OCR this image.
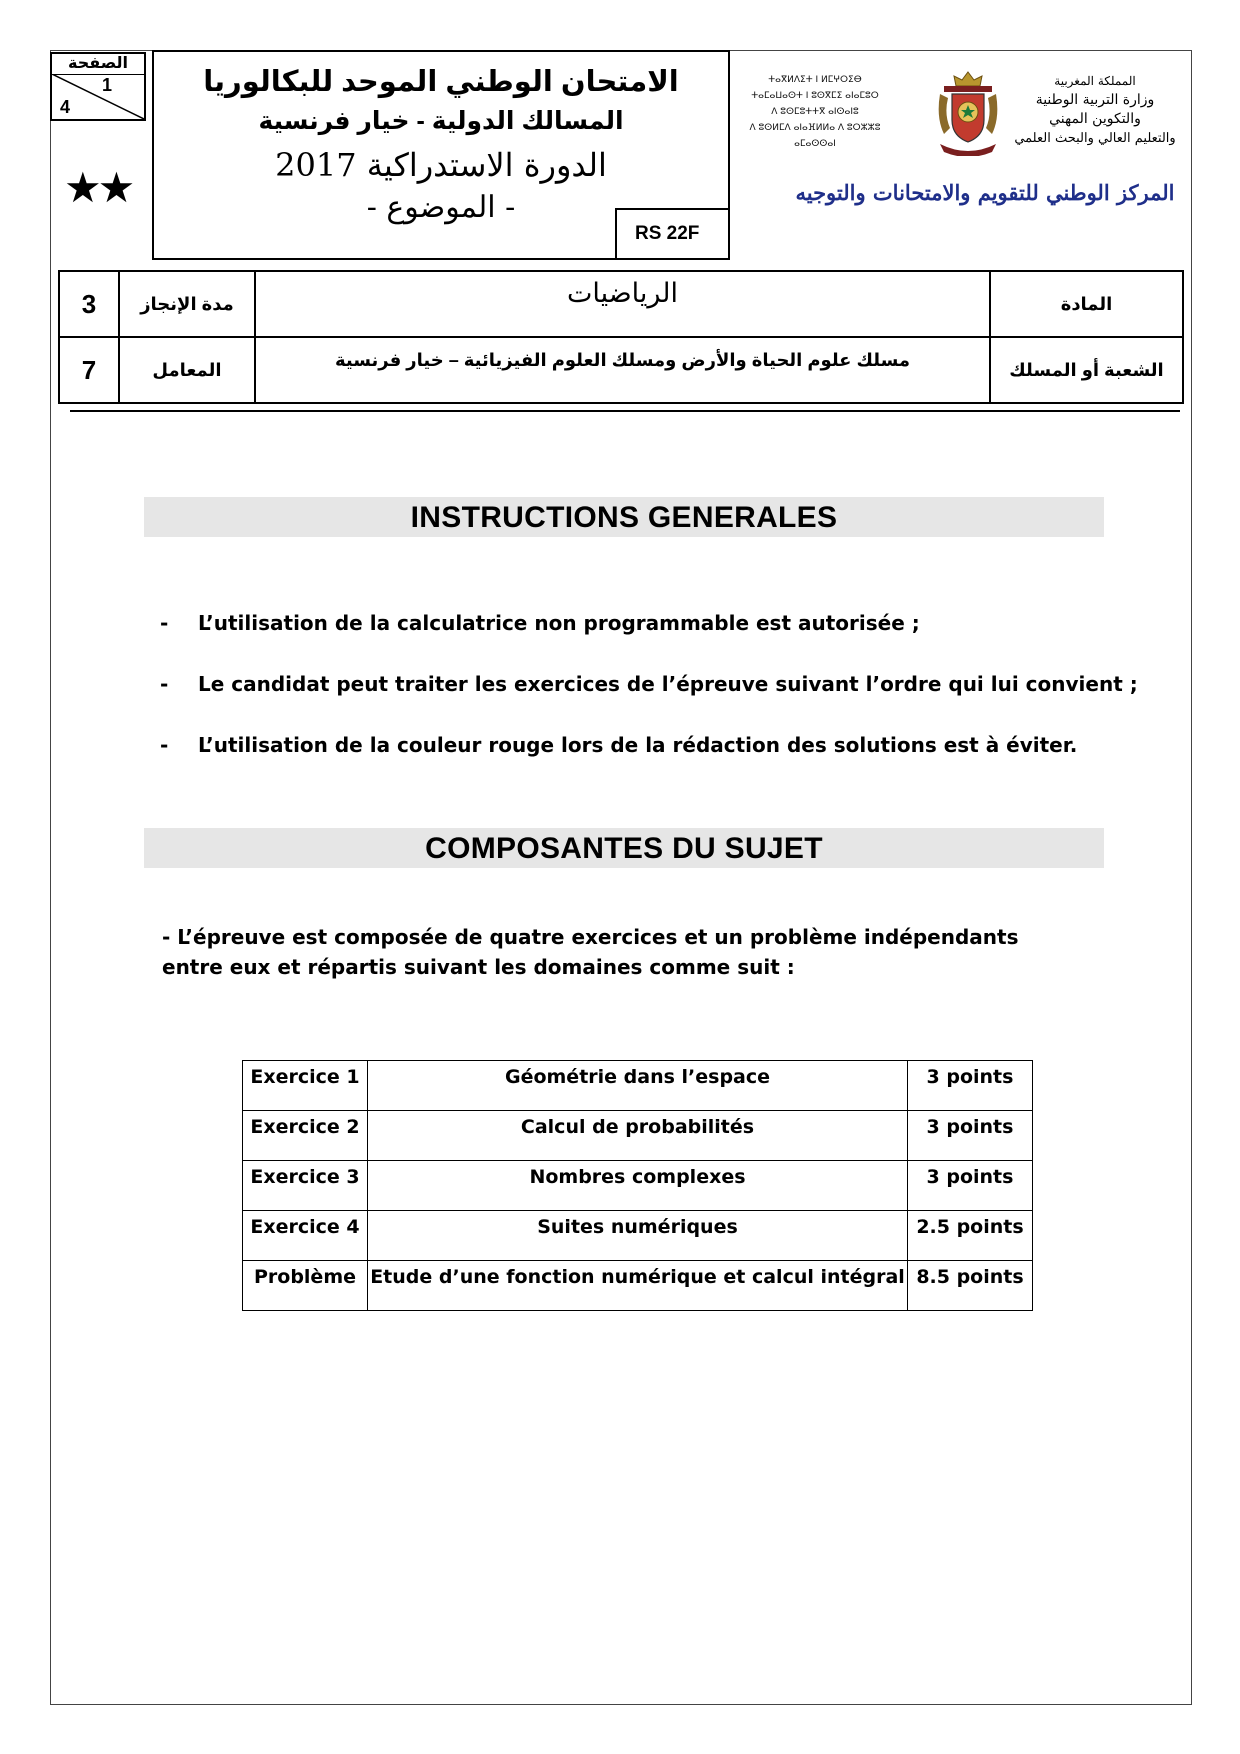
الصفحة
1
4
★★
الامتحان الوطني الموحد للبكالوريا
المسالك الدولية - خيار فرنسية
الدورة الاستدراكية 2017
- الموضوع -
RS 22F
ⵜⴰⴳⵍⴷⵉⵜ ⵏ ⵍⵎⵖⵔⵉⴱ
ⵜⴰⵎⴰⵡⴰⵙⵜ ⵏ ⵓⵙⴳⵎⵉ ⴰⵏⴰⵎⵓⵔ
ⴷ ⵓⵙⵎⵓⵜⵜⴳ ⴰⵏⵙⴰⵏⵓ
ⴷ ⵓⵙⵍⵎⴷ ⴰⵏⴰⴼⵍⵍⴰ ⴷ ⵓⵔⵣⵣⵓ ⴰⵎⴰⵙⵙⴰⵏ
المملكة المغربية
وزارة التربية الوطنية
والتكوين المهني
والتعليم العالي والبحث العلمي
المركز الوطني للتقويم والامتحانات والتوجيه
3	مدة الإنجاز	الرياضيات	المادة
7	المعامل	مسلك علوم الحياة والأرض ومسلك العلوم الفيزيائية – خيار فرنسية	الشعبة أو المسلك
INSTRUCTIONS GENERALES
- L’utilisation de la calculatrice non programmable est autorisée ;
- Le candidat peut traiter les exercices de l’épreuve suivant l’ordre qui lui convient ;
- L’utilisation de la couleur rouge lors de la rédaction des solutions est à éviter.
COMPOSANTES DU SUJET
- L’épreuve est composée de quatre exercices et un problème indépendants entre eux et répartis suivant les domaines comme suit :
Exercice 1	Géométrie dans l’espace	3 points
Exercice 2	Calcul de probabilités	3 points
Exercice 3	Nombres complexes	3 points
Exercice 4	Suites numériques	2.5 points
Problème	Etude d’une fonction numérique et calcul intégral	8.5 points
